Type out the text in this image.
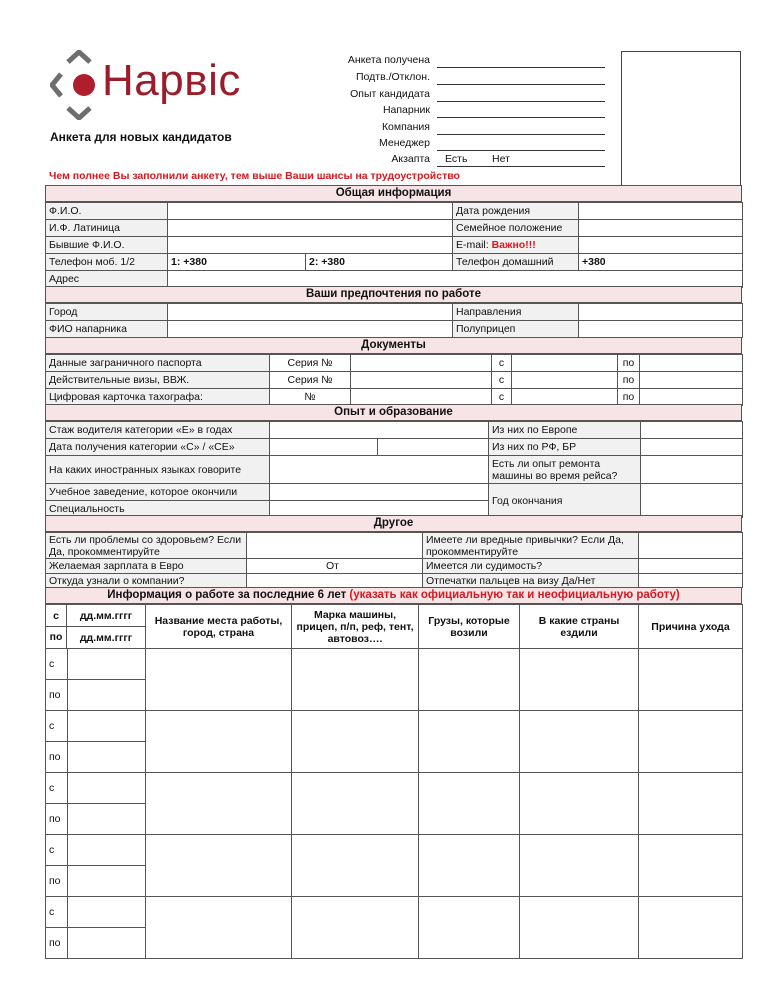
Нарвіс
Анкета для новых кандидатов
Анкета получена
Подтв./Отклон.
Опыт кандидата
Напарник
Компания
Менеджер
Акзапта Есть Нет
Чем полнее Вы заполнили анкету, тем выше Ваши шансы на трудоустройство
Общая информация
Ф.И.О.			Дата рождения	
И.Ф. Латиница			Семейное положение	
Бывшие Ф.И.О.			E-mail: Важно!!!	
Телефон моб. 1/2	1: +380	2: +380	Телефон домашний	+380
Адрес				
Ваши предпочтения по работе
Город		Направления	
ФИО напарника		Полуприцеп	
Документы
Данные заграничного паспорта	Серия №		с		по	
Действительные визы, ВВЖ.	Серия №		с		по	
Цифровая карточка тахографа:	№		с		по	
Опыт и образование
Стаж водителя категории «E» в годах			Из них по Европе	
Дата получения категории «C» / «CE»			Из них по РФ, БР	
На каких иностранных языках говорите			Есть ли опыт ремонта машины во время рейса?	
Учебное заведение, которое окончили			Год окончания	
Специальность				
Другое
Есть ли проблемы со здоровьем? Если Да, прокомментируйте		Имеете ли вредные привычки? Если Да, прокомментируйте	
Желаемая зарплата в Евро	От	Имеется ли судимость?	
Откуда узнали о компании?		Отпечатки пальцев на визу Да/Нет	
Информация о работе за последние 6 лет (указать как официальную так и неофициальную работу)
с	дд.мм.гггг	Название места работы, город, страна	Марка машины, прицеп, п/п, реф, тент, автовоз….	Грузы, которые возили	В какие страны ездили	Причина ухода
по	дд.мм.гггг					
с	

по						

с	

по						

с	

по						

с	

по						

с	

по						
